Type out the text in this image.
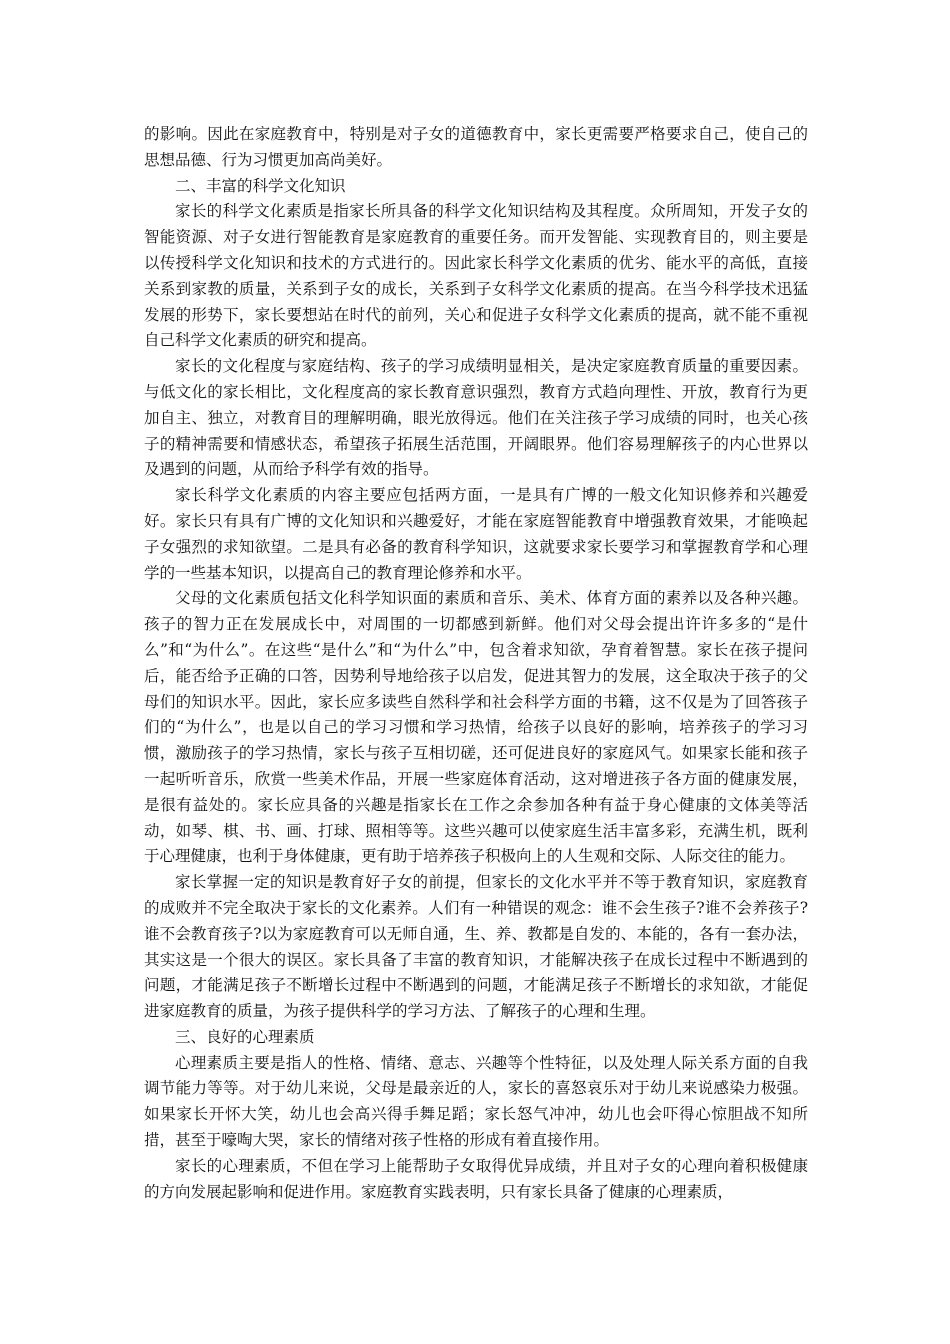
的影响。因此在家庭教育中，特别是对子女的道德教育中，家长更需要严格要求自己，使自己的思想品德、行为习惯更加高尚美好。

二、丰富的科学文化知识

家长的科学文化素质是指家长所具备的科学文化知识结构及其程度。众所周知，开发子女的智能资源、对子女进行智能教育是家庭教育的重要任务。而开发智能、实现教育目的，则主要是以传授科学文化知识和技术的方式进行的。因此家长科学文化素质的优劣、能水平的高低，直接关系到家教的质量，关系到子女的成长，关系到子女科学文化素质的提高。在当今科学技术迅猛发展的形势下，家长要想站在时代的前列，关心和促进子女科学文化素质的提高，就不能不重视自己科学文化素质的研究和提高。

家长的文化程度与家庭结构、孩子的学习成绩明显相关，是决定家庭教育质量的重要因素。与低文化的家长相比，文化程度高的家长教育意识强烈，教育方式趋向理性、开放，教育行为更加自主、独立，对教育目的理解明确，眼光放得远。他们在关注孩子学习成绩的同时，也关心孩子的精神需要和情感状态，希望孩子拓展生活范围，开阔眼界。他们容易理解孩子的内心世界以及遇到的问题，从而给予科学有效的指导。

家长科学文化素质的内容主要应包括两方面，一是具有广博的一般文化知识修养和兴趣爱好。家长只有具有广博的文化知识和兴趣爱好，才能在家庭智能教育中增强教育效果，才能唤起子女强烈的求知欲望。二是具有必备的教育科学知识，这就要求家长要学习和掌握教育学和心理学的一些基本知识，以提高自己的教育理论修养和水平。

父母的文化素质包括文化科学知识面的素质和音乐、美术、体育方面的素养以及各种兴趣。孩子的智力正在发展成长中，对周围的一切都感到新鲜。他们对父母会提出许许多多的“是什么”和“为什么”。在这些“是什么”和“为什么”中，包含着求知欲，孕育着智慧。家长在孩子提问后，能否给予正确的口答，因势利导地给孩子以启发，促进其智力的发展，这全取决于孩子的父母们的知识水平。因此，家长应多读些自然科学和社会科学方面的书籍，这不仅是为了回答孩子们的“为什么”，也是以自己的学习习惯和学习热情，给孩子以良好的影响，培养孩子的学习习惯，激励孩子的学习热情，家长与孩子互相切磋，还可促进良好的家庭风气。如果家长能和孩子一起听听音乐，欣赏一些美术作品，开展一些家庭体育活动，这对增进孩子各方面的健康发展，是很有益处的。家长应具备的兴趣是指家长在工作之余参加各种有益于身心健康的文体美等活动，如琴、棋、书、画、打球、照相等等。这些兴趣可以使家庭生活丰富多彩，充满生机，既利于心理健康，也利于身体健康，更有助于培养孩子积极向上的人生观和交际、人际交往的能力。

家长掌握一定的知识是教育好子女的前提，但家长的文化水平并不等于教育知识，家庭教育的成败并不完全取决于家长的文化素养。人们有一种错误的观念：谁不会生孩子?谁不会养孩子?谁不会教育孩子?以为家庭教育可以无师自通，生、养、教都是自发的、本能的，各有一套办法，其实这是一个很大的误区。家长具备了丰富的教育知识，才能解决孩子在成长过程中不断遇到的问题，才能满足孩子不断增长过程中不断遇到的问题，才能满足孩子不断增长的求知欲，才能促进家庭教育的质量，为孩子提供科学的学习方法、了解孩子的心理和生理。

三、良好的心理素质

心理素质主要是指人的性格、情绪、意志、兴趣等个性特征，以及处理人际关系方面的自我调节能力等等。对于幼儿来说，父母是最亲近的人，家长的喜怒哀乐对于幼儿来说感染力极强。如果家长开怀大笑，幼儿也会高兴得手舞足蹈；家长怒气冲冲，幼儿也会吓得心惊胆战不知所措，甚至于嚎啕大哭，家长的情绪对孩子性格的形成有着直接作用。

家长的心理素质，不但在学习上能帮助子女取得优异成绩，并且对子女的心理向着积极健康的方向发展起影响和促进作用。家庭教育实践表明，只有家长具备了健康的心理素质，
